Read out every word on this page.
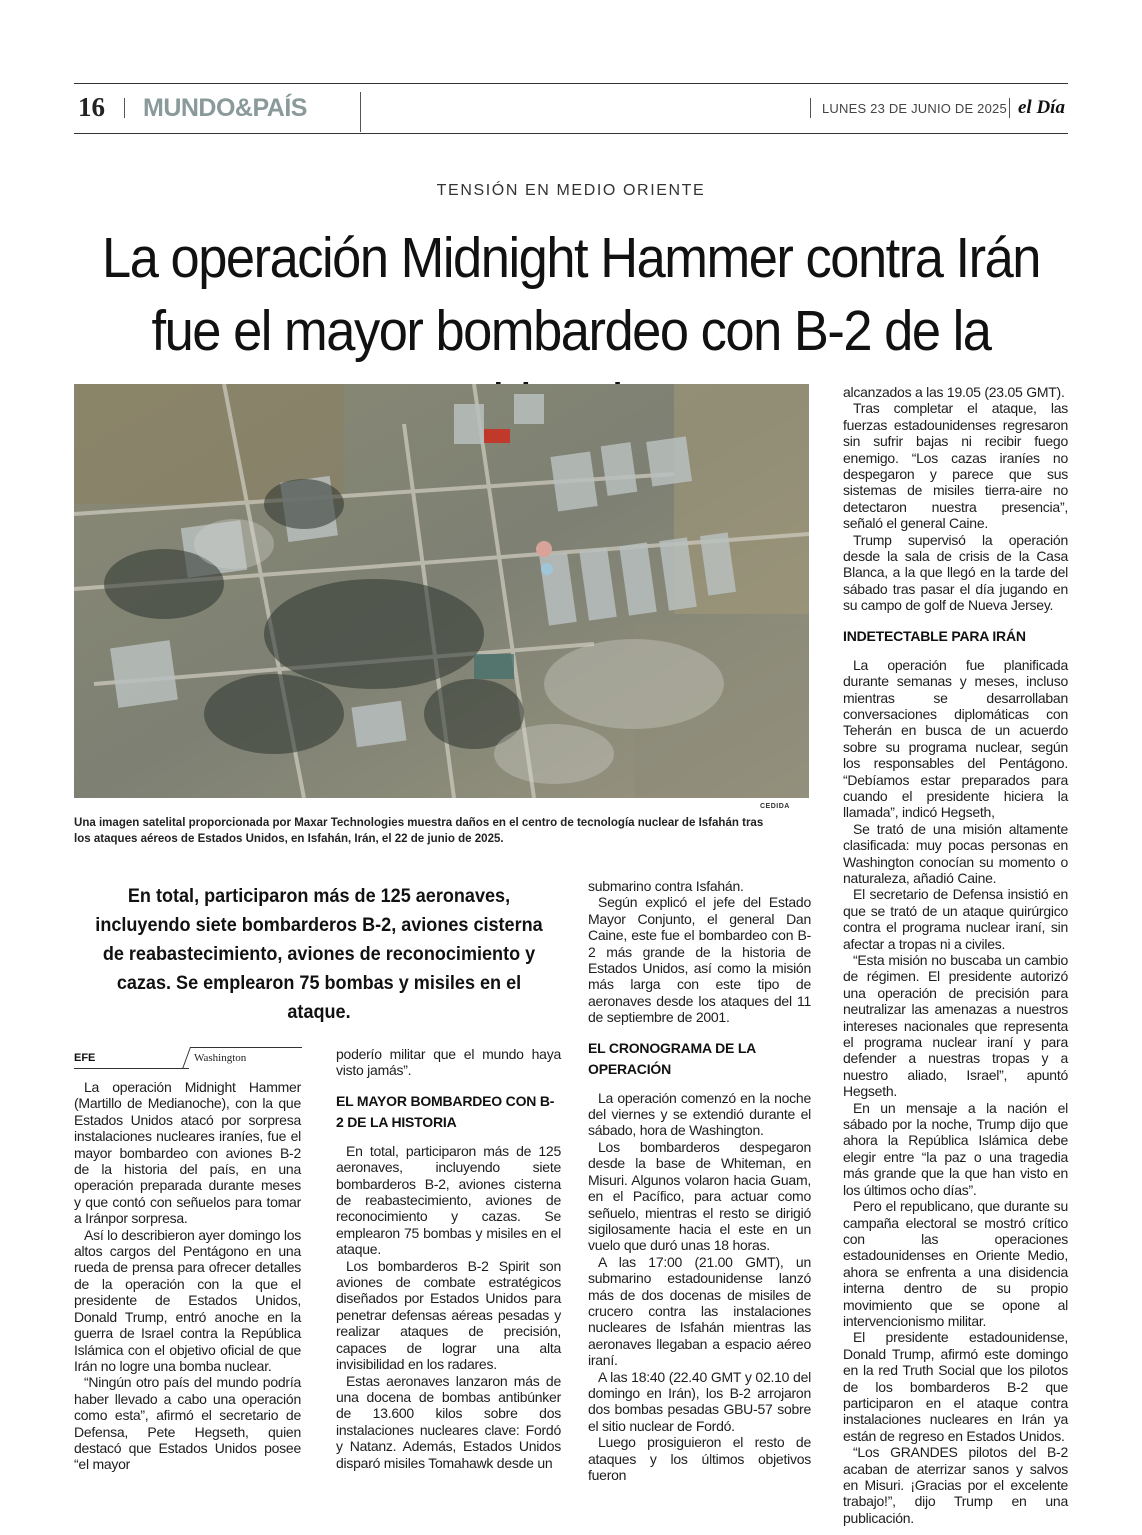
16 MUNDO&PAÍS	LUNES 23 DE JUNIO DE 2025 el Día
TENSIÓN EN MEDIO ORIENTE
La operación Midnight Hammer contra Irán
fue el mayor bombardeo con B-2 de la
CEDIDA
Una imagen satelital proporcionada por Maxar Technologies muestra daños en el centro de tecnología nuclear de Isfahán tras los ataques aéreos de Estados Unidos, en Isfahán, Irán, el 22 de junio de 2025.
En total, participaron más de 125 aeronaves, incluyendo siete bombarderos B-2, aviones cisterna de reabastecimiento, aviones de reconocimiento y cazas. Se emplearon 75 bombas y misiles en el ataque.
EFE	Washington

La operación Midnight Hammer (Martillo de Medianoche), con la que Estados Unidos atacó por sorpresa instalaciones nucleares iraníes, fue el mayor bombardeo con aviones B-2 de la historia del país, en una operación preparada durante meses y que contó con señuelos para tomar a Iránpor sorpresa.

Así lo describieron ayer domingo los altos cargos del Pentágono en una rueda de prensa para ofrecer detalles de la operación con la que el presidente de Estados Unidos, Donald Trump, entró anoche en la guerra de Israel contra la República Islámica con el objetivo oficial de que Irán no logre una bomba nuclear.

“Ningún otro país del mundo podría haber llevado a cabo una operación como esta”, afirmó el secretario de Defensa, Pete Hegseth, quien destacó que Estados Unidos posee “el mayor

poderío militar que el mundo haya visto jamás”.

EL MAYOR BOMBARDEO CON B-2 DE LA HISTORIA

En total, participaron más de 125 aeronaves, incluyendo siete bombarderos B-2, aviones cisterna de reabastecimiento, aviones de reconocimiento y cazas. Se emplearon 75 bombas y misiles en el ataque.

Los bombarderos B-2 Spirit son aviones de combate estratégicos diseñados por Estados Unidos para penetrar defensas aéreas pesadas y realizar ataques de precisión, capaces de lograr una alta invisibilidad en los radares.

Estas aeronaves lanzaron más de una docena de bombas antibúnker de 13.600 kilos sobre dos instalaciones nucleares clave: Fordó y Natanz. Además, Estados Unidos disparó misiles Tomahawk desde un

submarino contra Isfahán.

Según explicó el jefe del Estado Mayor Conjunto, el general Dan Caine, este fue el bombardeo con B-2 más grande de la historia de Estados Unidos, así como la misión más larga con este tipo de aeronaves desde los ataques del 11 de septiembre de 2001.

EL CRONOGRAMA DE LA OPERACIÓN

La operación comenzó en la noche del viernes y se extendió durante el sábado, hora de Washington.

Los bombarderos despegaron desde la base de Whiteman, en Misuri. Algunos volaron hacia Guam, en el Pacífico, para actuar como señuelo, mientras el resto se dirigió sigilosamente hacia el este en un vuelo que duró unas 18 horas.

A las 17:00 (21.00 GMT), un submarino estadounidense lanzó más de dos docenas de misiles de crucero contra las instalaciones nucleares de Isfahán mientras las aeronaves llegaban a espacio aéreo iraní.

A las 18:40 (22.40 GMT y 02.10 del domingo en Irán), los B-2 arrojaron dos bombas pesadas GBU-57 sobre el sitio nuclear de Fordó.

Luego prosiguieron el resto de ataques y los últimos objetivos fueron

alcanzados a las 19.05 (23.05 GMT).

Tras completar el ataque, las fuerzas estadounidenses regresaron sin sufrir bajas ni recibir fuego enemigo. “Los cazas iraníes no despegaron y parece que sus sistemas de misiles tierra-aire no detectaron nuestra presencia”, señaló el general Caine.

Trump supervisó la operación desde la sala de crisis de la Casa Blanca, a la que llegó en la tarde del sábado tras pasar el día jugando en su campo de golf de Nueva Jersey.

INDETECTABLE PARA IRÁN

La operación fue planificada durante semanas y meses, incluso mientras se desarrollaban conversaciones diplomáticas con Teherán en busca de un acuerdo sobre su programa nuclear, según los responsables del Pentágono. “Debíamos estar preparados para cuando el presidente hiciera la llamada”, indicó Hegseth,

Se trató de una misión altamente clasificada: muy pocas personas en Washington conocían su momento o naturaleza, añadió Caine.

El secretario de Defensa insistió en que se trató de un ataque quirúrgico contra el programa nuclear iraní, sin afectar a tropas ni a civiles.

“Esta misión no buscaba un cambio de régimen. El presidente autorizó una operación de precisión para neutralizar las amenazas a nuestros intereses nacionales que representa el programa nuclear iraní y para defender a nuestras tropas y a nuestro aliado, Israel”, apuntó Hegseth.

En un mensaje a la nación el sábado por la noche, Trump dijo que ahora la República Islámica debe elegir entre “la paz o una tragedia más grande que la que han visto en los últimos ocho días”.

Pero el republicano, que durante su campaña electoral se mostró crítico con las operaciones estadounidenses en Oriente Medio, ahora se enfrenta a una disidencia interna dentro de su propio movimiento que se opone al intervencionismo militar.

El presidente estadounidense, Donald Trump, afirmó este domingo en la red Truth Social que los pilotos de los bombarderos B-2 que participaron en el ataque contra instalaciones nucleares en Irán ya están de regreso en Estados Unidos.

“Los GRANDES pilotos del B-2 acaban de aterrizar sanos y salvos en Misuri. ¡Gracias por el excelente trabajo!”, dijo Trump en una publicación.
